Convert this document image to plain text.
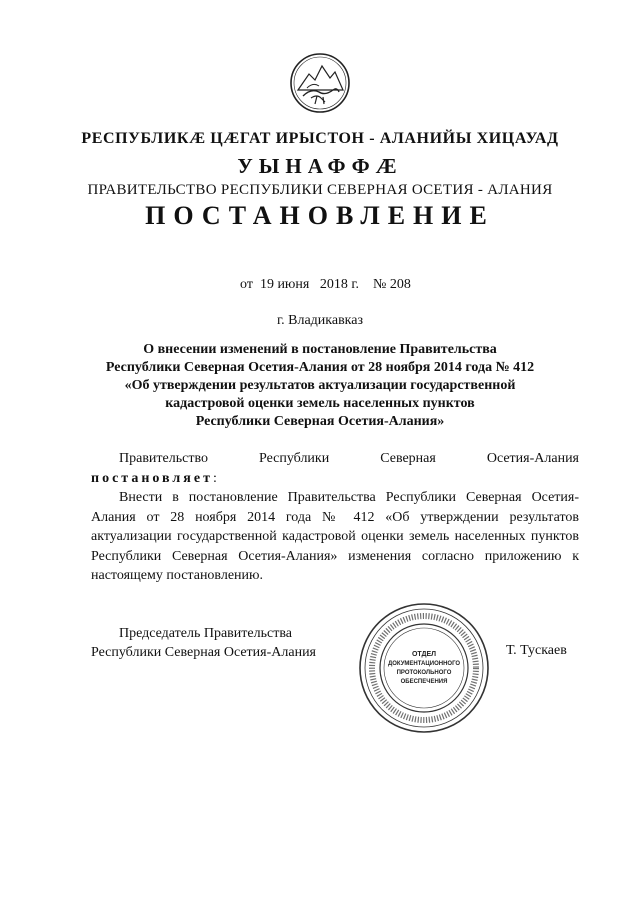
РЕСПУБЛИКÆ ЦÆГАТ ИРЫСТОН - АЛАНИЙЫ ХИЦАУАД
УЫНАФФÆ
ПРАВИТЕЛЬСТВО РЕСПУБЛИКИ СЕВЕРНАЯ ОСЕТИЯ - АЛАНИЯ
ПОСТАНОВЛЕНИЕ
от 19 июня 2018 г. № 208
г. Владикавказ
О внесении изменений в постановление Правительства
Республики Северная Осетия-Алания от 28 ноября 2014 года № 412
«Об утверждении результатов актуализации государственной
кадастровой оценки земель населенных пунктов
Республики Северная Осетия-Алания»
Правительство	Республики	Северная	Осетия-Алания
постановляет:
Внести в постановление Правительства Республики Северная Осетия-Алания от 28 ноября 2014 года № 412 «Об утверждении результатов актуализации государственной кадастровой оценки земель населенных пунктов Республики Северная Осетия-Алания» изменения согласно приложению к настоящему постановлению.
Председатель Правительства
Республики Северная Осетия-Алания	ОТДЕЛ
ДОКУМЕНТАЦИОННОГО
ПРОТОКОЛЬНОГО
ОБЕСПЕЧЕНИЯ
Т. Тускаев
